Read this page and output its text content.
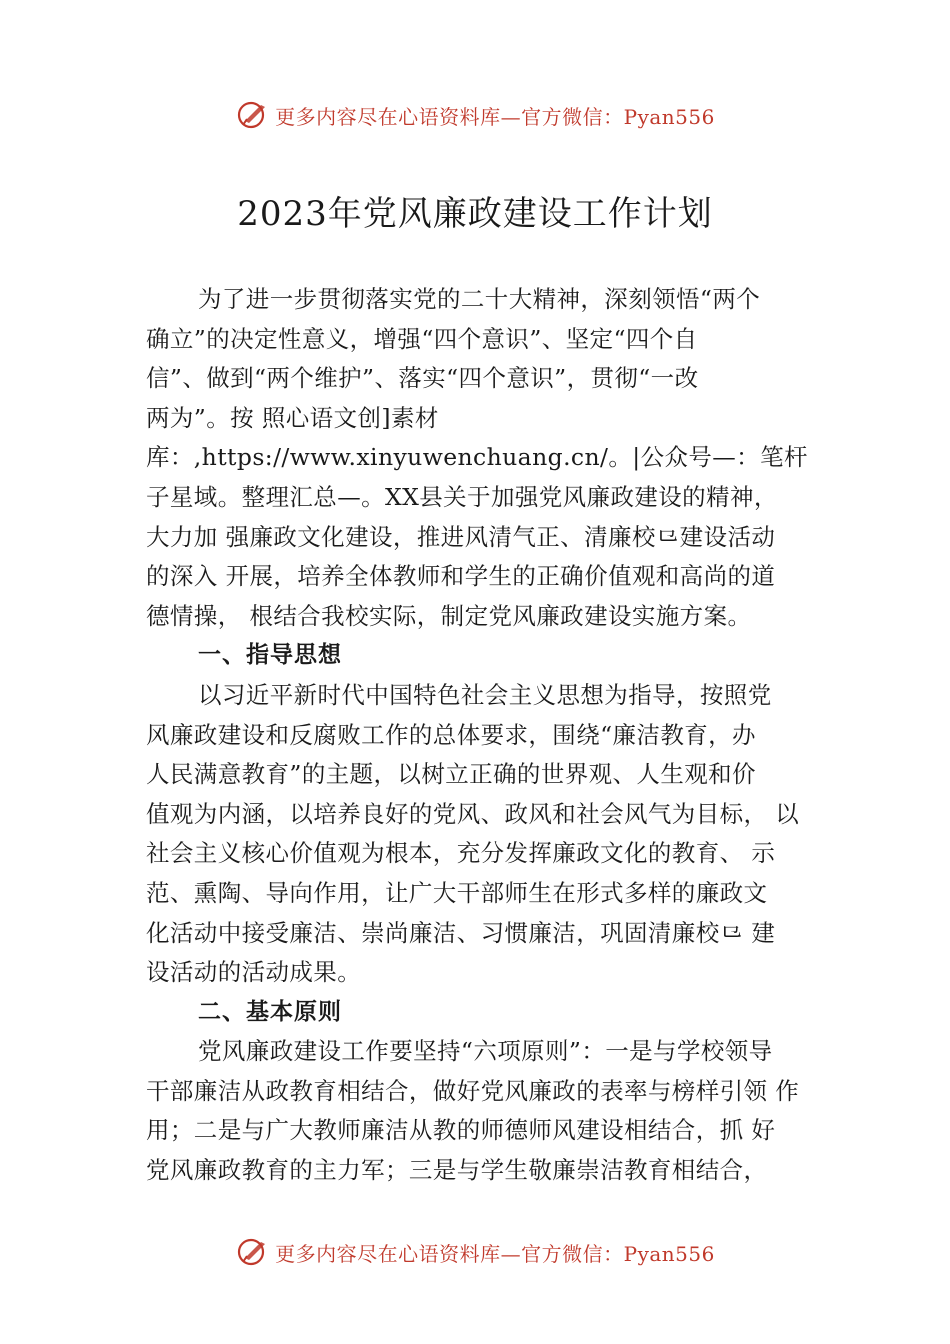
更多内容尽在心语资料库—官方微信：Pyan556
2023年党风廉政建设工作计划
为了进一步贯彻落实党的二十大精神，深刻领悟“两个
确立”的决定性意义，增强“四个意识”、坚定“四个自
信”、做到“两个维护”、落实“四个意识”，贯彻“一改
两为”。按 照心语文创]素材
库：,https://www.xinyuwenchuang.cn/。|公众号—：笔杆
子星域。整理汇总—。XX县关于加强党风廉政建设的精神，
大力加 强廉政文化建设，推进风清气正、清廉校⺋建设活动
的深入 开展，培养全体教师和学生的正确价值观和高尚的道
德情操， 根结合我校实际，制定党风廉政建设实施方案。
一、指导思想
以习近平新时代中国特色社会主义思想为指导，按照党
风廉政建设和反腐败工作的总体要求，围绕“廉洁教育，办
人民满意教育”的主题，以树立正确的世界观、人生观和价
值观为内涵，以培养良好的党风、政风和社会风气为目标， 以
社会主义核心价值观为根本，充分发挥廉政文化的教育、 示
范、熏陶、导向作用，让广大干部师生在形式多样的廉政文
化活动中接受廉洁、崇尚廉洁、习惯廉洁，巩固清廉校⺋ 建
设活动的活动成果。
二、基本原则
党风廉政建设工作要坚持“六项原则”：一是与学校领导
干部廉洁从政教育相结合，做好党风廉政的表率与榜样引领 作
用；二是与广大教师廉洁从教的师德师风建设相结合，抓 好
党风廉政教育的主力军；三是与学生敬廉崇洁教育相结合，
更多内容尽在心语资料库—官方微信：Pyan556
